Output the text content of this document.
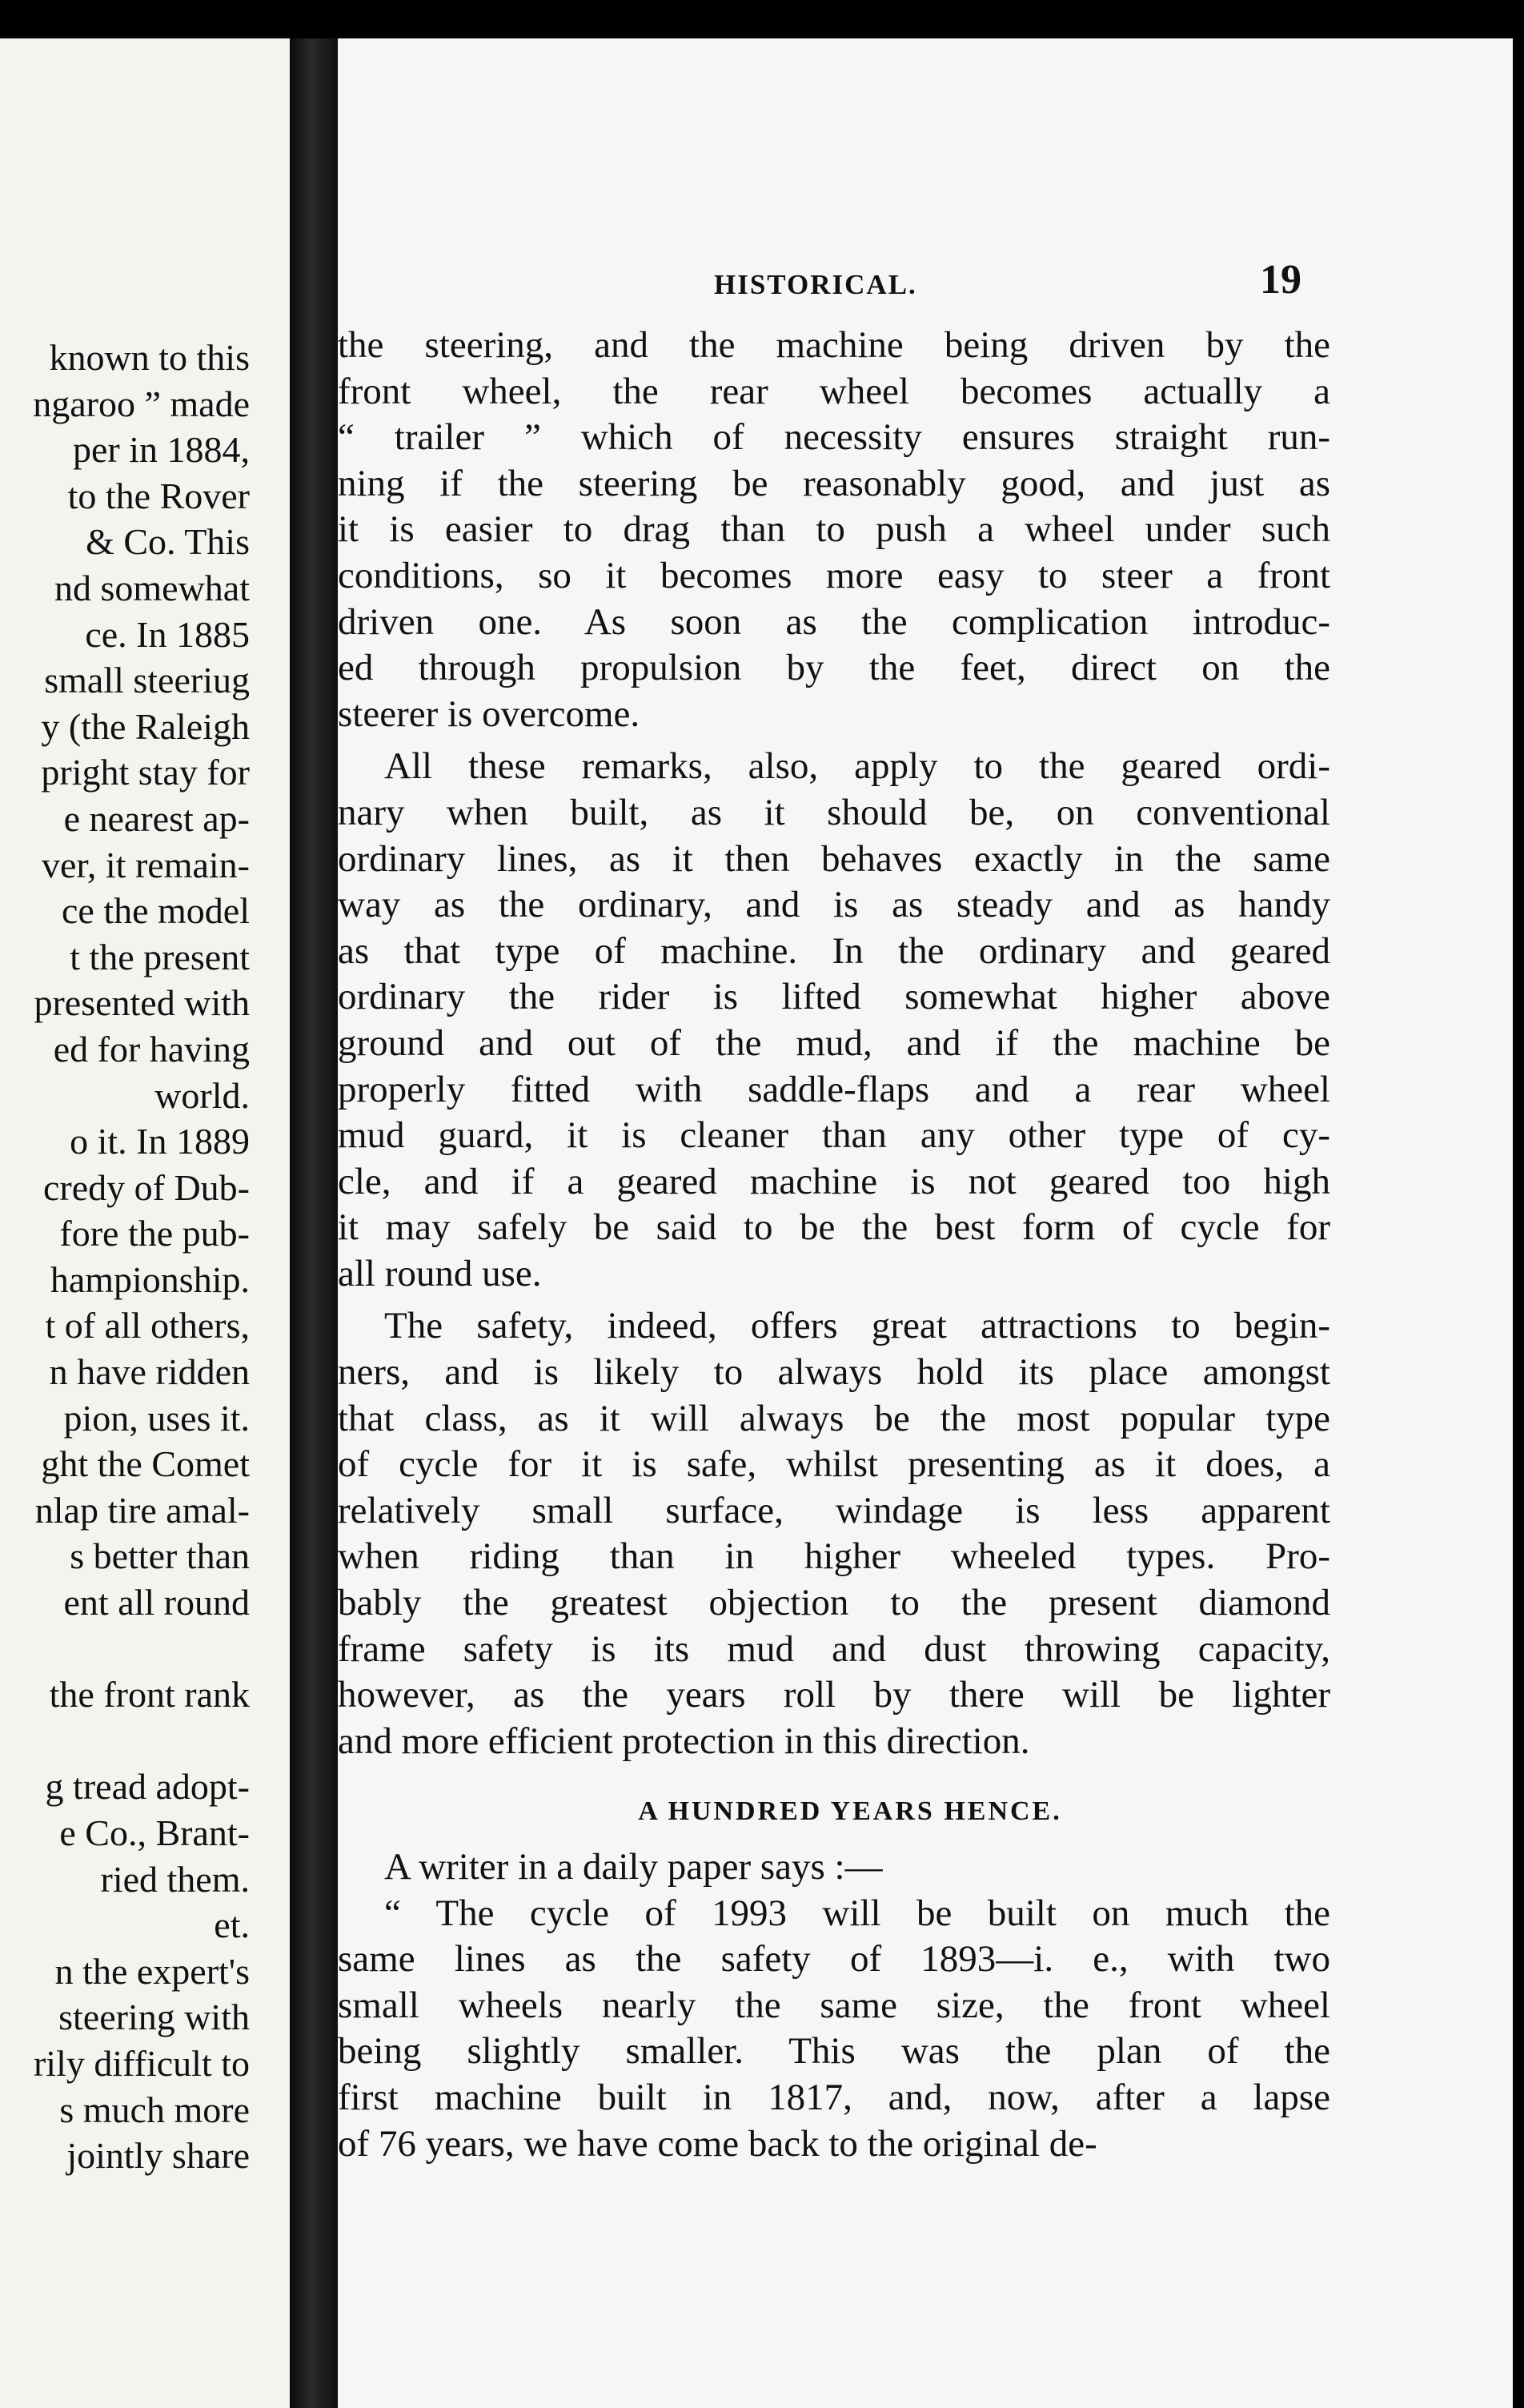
known to this
ngaroo ” made
per in 1884,
to the Rover
& Co. This
nd somewhat
ce. In 1885
small steeriug
y (the Raleigh
pright stay for
e nearest ap-
ver, it remain-
ce the model
t the present
presented with
ed for having
world.
o it. In 1889
credy of Dub-
fore the pub-
hampionship.
t of all others,
n have ridden
pion, uses it.
ght the Comet
nlap tire amal-
s better than
ent all round
the front rank
g tread adopt-
e Co., Brant-
ried them.
et.
n the expert's
steering with
rily difficult to
s much more
jointly share
HISTORICAL.	19
the steering, and the machine being driven by the
front wheel, the rear wheel becomes actually a
“ trailer ” which of necessity ensures straight run-
ning if the steering be reasonably good, and just as
it is easier to drag than to push a wheel under such
conditions, so it becomes more easy to steer a front
driven one. As soon as the complication introduc-
ed through propulsion by the feet, direct on the
steerer is overcome.
All these remarks, also, apply to the geared ordi-
nary when built, as it should be, on conventional
ordinary lines, as it then behaves exactly in the same
way as the ordinary, and is as steady and as handy
as that type of machine. In the ordinary and geared
ordinary the rider is lifted somewhat higher above
ground and out of the mud, and if the machine be
properly fitted with saddle-flaps and a rear wheel
mud guard, it is cleaner than any other type of cy-
cle, and if a geared machine is not geared too high
it may safely be said to be the best form of cycle for
all round use.
The safety, indeed, offers great attractions to begin-
ners, and is likely to always hold its place amongst
that class, as it will always be the most popular type
of cycle for it is safe, whilst presenting as it does, a
relatively small surface, windage is less apparent
when riding than in higher wheeled types. Pro-
bably the greatest objection to the present diamond
frame safety is its mud and dust throwing capacity,
however, as the years roll by there will be lighter
and more efficient protection in this direction.
A HUNDRED YEARS HENCE.
A writer in a daily paper says :—
“ The cycle of 1993 will be built on much the
same lines as the safety of 1893—i. e., with two
small wheels nearly the same size, the front wheel
being slightly smaller. This was the plan of the
first machine built in 1817, and, now, after a lapse
of 76 years, we have come back to the original de-
